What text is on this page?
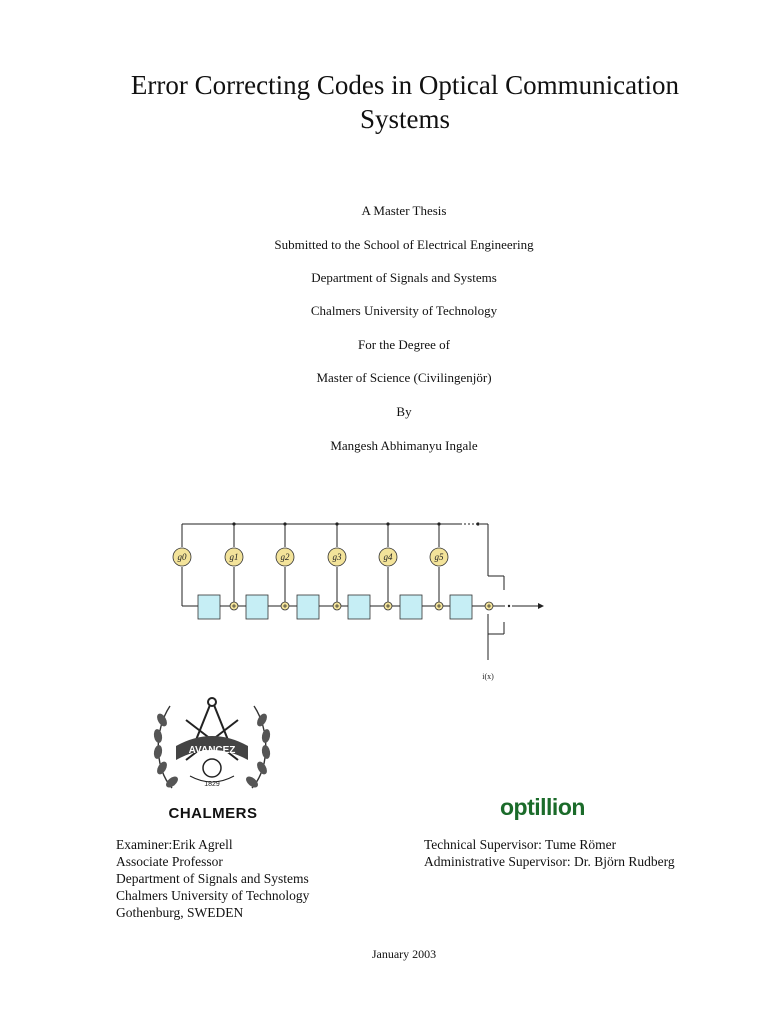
Error Correcting Codes in Optical Communication
Systems
A Master Thesis
Submitted to the School of Electrical Engineering
Department of Signals and Systems
Chalmers University of Technology
For the Degree of
Master of Science (Civilingenjör)
By
Mangesh Abhimanyu Ingale
g0	g1	g2	g3	g4	g5
i(x)
AVANCEZ
1829
CHALMERS	optillion
Examiner:Erik Agrell
Associate Professor
Department of Signals and Systems
Chalmers University of Technology
Gothenburg, SWEDEN
Technical Supervisor: Tume Römer
Administrative Supervisor: Dr. Björn Rudberg
January 2003
